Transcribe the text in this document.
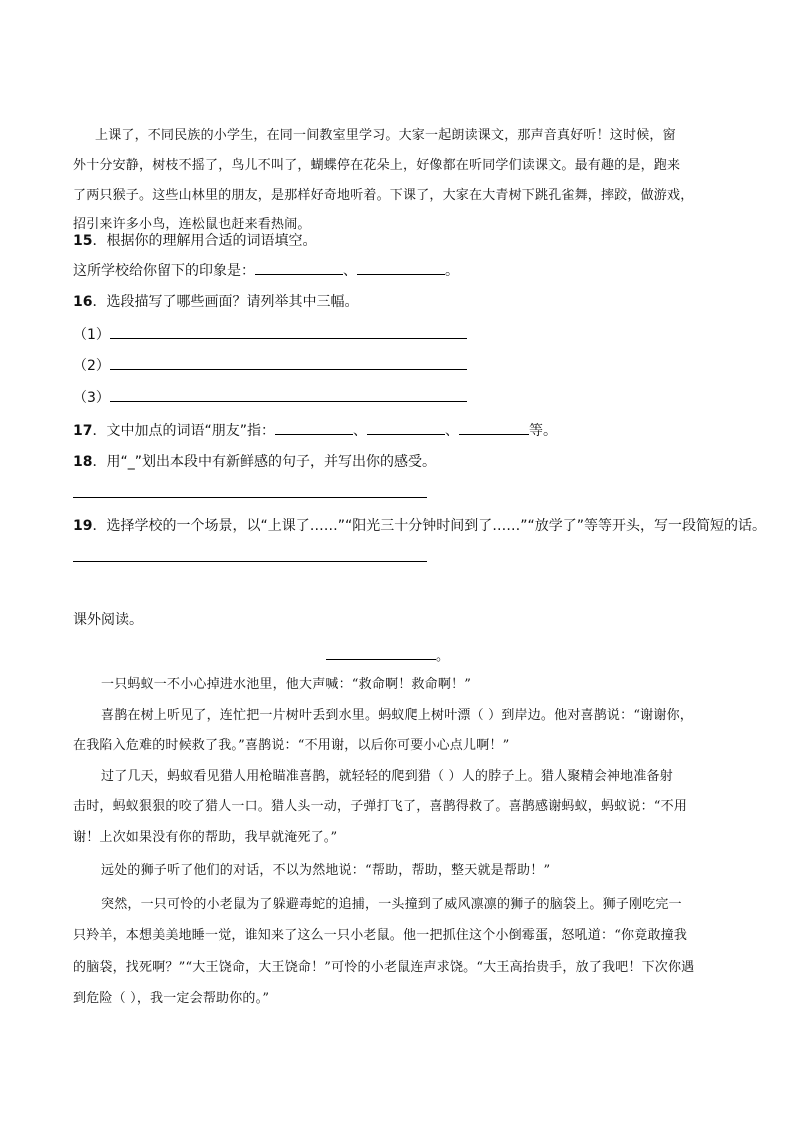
上课了，不同民族的小学生，在同一间教室里学习。大家一起朗读课文，那声音真好听！这时候，窗
外十分安静，树枝不摇了，鸟儿不叫了，蝴蝶停在花朵上，好像都在听同学们读课文。最有趣的是，跑来
了两只猴子。这些山林里的朋友，是那样好奇地听着。下课了，大家在大青树下跳孔雀舞，摔跤，做游戏，
招引来许多小鸟，连松鼠也赶来看热闹。
15．根据你的理解用合适的词语填空。
这所学校给你留下的印象是：	、	。
16．选段描写了哪些画面？请列举其中三幅。
（1）
（2）
（3）
17．文中加点的词语“朋友”指：	、	、	等。
18．用“_”划出本段中有新鲜感的句子，并写出你的感受。
19．选择学校的一个场景，以“上课了……”“阳光三十分钟时间到了……”“放学了”等等开头，写一段简短的话。
课外阅读。
。
一只蚂蚁一不小心掉进水池里，他大声喊：“救命啊！救命啊！”
喜鹊在树上听见了，连忙把一片树叶丢到水里。蚂蚁爬上树叶漂（ ）到岸边。他对喜鹊说：“谢谢你，
在我陷入危难的时候救了我。”喜鹊说：“不用谢，以后你可要小心点儿啊！”
过了几天，蚂蚁看见猎人用枪瞄准喜鹊，就轻轻的爬到猎（ ）人的脖子上。猎人聚精会神地准备射
击时，蚂蚁狠狠的咬了猎人一口。猎人头一动，子弹打飞了，喜鹊得救了。喜鹊感谢蚂蚁，蚂蚁说：“不用
谢！上次如果没有你的帮助，我早就淹死了。”
远处的狮子听了他们的对话，不以为然地说：“帮助，帮助，整天就是帮助！”
突然，一只可怜的小老鼠为了躲避毒蛇的追捕，一头撞到了威风凛凛的狮子的脑袋上。狮子刚吃完一
只羚羊，本想美美地睡一觉，谁知来了这么一只小老鼠。他一把抓住这个小倒霉蛋，怒吼道：“你竟敢撞我
的脑袋，找死啊？”“大王饶命，大王饶命！”可怜的小老鼠连声求饶。“大王高抬贵手，放了我吧！下次你遇
到危险（ ），我一定会帮助你的。”
